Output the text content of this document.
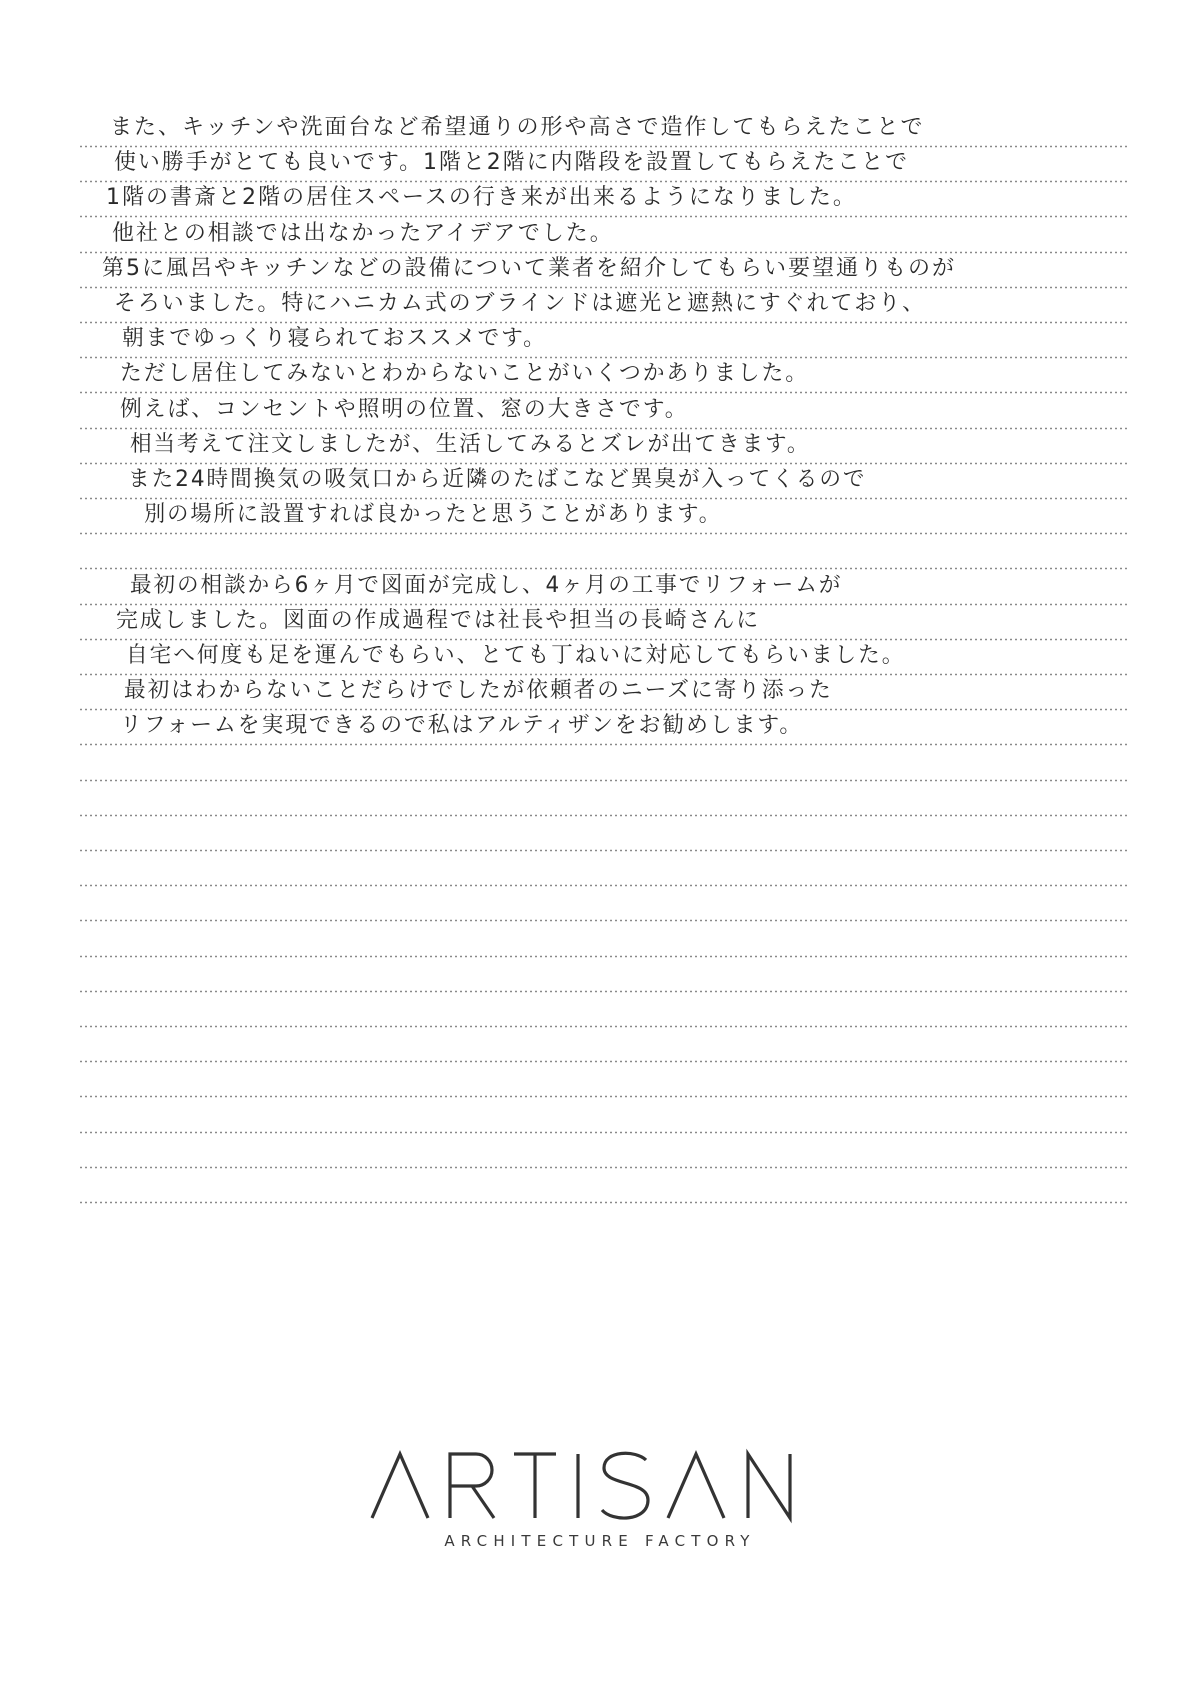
また、キッチンや洗面台など希望通りの形や高さで造作してもらえたことで
使い勝手がとても良いです。1階と2階に内階段を設置してもらえたことで
1階の書斎と2階の居住スペースの行き来が出来るようになりました。
他社との相談では出なかったアイデアでした。
第5に風呂やキッチンなどの設備について業者を紹介してもらい要望通りものが
そろいました。特にハニカム式のブラインドは遮光と遮熱にすぐれており、
朝までゆっくり寝られておススメです。
ただし居住してみないとわからないことがいくつかありました。
例えば、コンセントや照明の位置、窓の大きさです。
相当考えて注文しましたが、生活してみるとズレが出てきます。
また24時間換気の吸気口から近隣のたばこなど異臭が入ってくるので
別の場所に設置すれば良かったと思うことがあります。
最初の相談から6ヶ月で図面が完成し、4ヶ月の工事でリフォームが
完成しました。図面の作成過程では社長や担当の長崎さんに
自宅へ何度も足を運んでもらい、とても丁ねいに対応してもらいました。
最初はわからないことだらけでしたが依頼者のニーズに寄り添った
リフォームを実現できるので私はアルティザンをお勧めします。
ARCHITECTURE FACTORY
